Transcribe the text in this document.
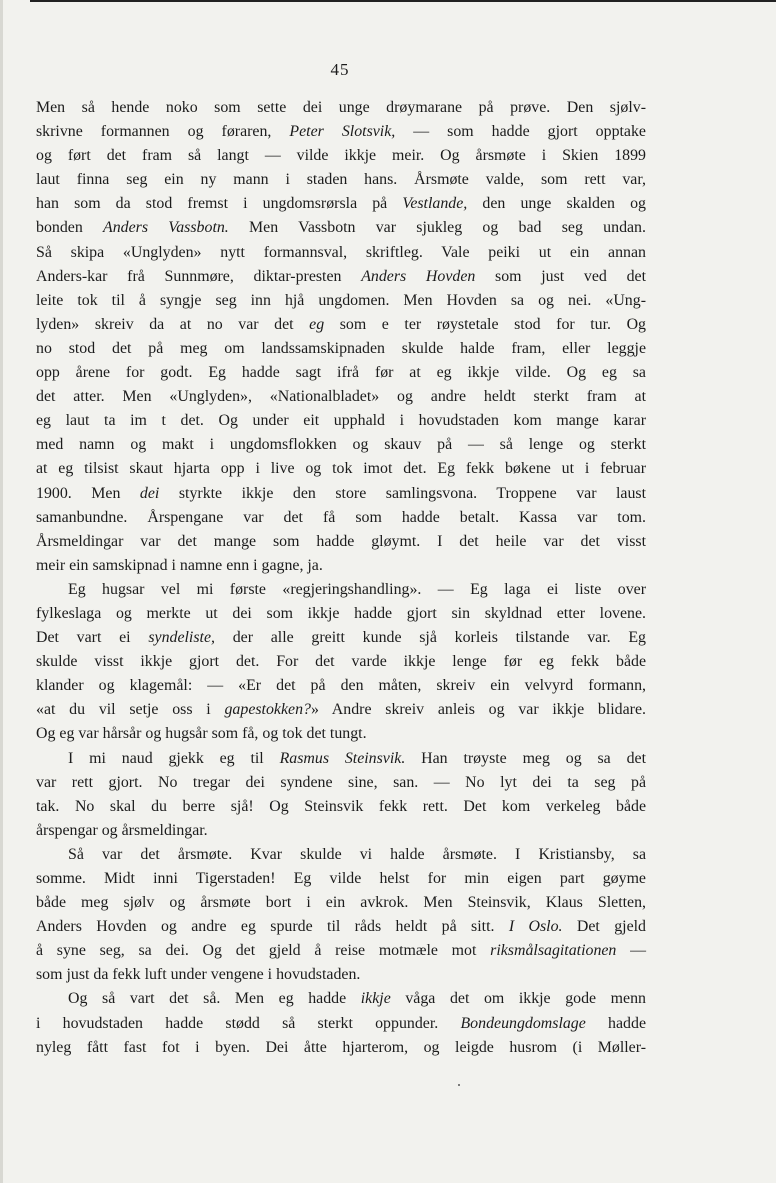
45

Men så hende noko som sette dei unge drøymarane på prøve. Den sjølv-

skrivne formannen og føraren, Peter Slotsvik, — som hadde gjort opptake

og ført det fram så langt — vilde ikkje meir. Og årsmøte i Skien 1899

laut finna seg ein ny mann i staden hans. Årsmøte valde, som rett var,

han som da stod fremst i ungdomsrørsla på Vestlande, den unge skalden og

bonden Anders Vassbotn. Men Vassbotn var sjukleg og bad seg undan.

Så skipa «Unglyden» nytt formannsval, skriftleg. Vale peiki ut ein annan

Anders-kar frå Sunnmøre, diktar-presten Anders Hovden som just ved det

leite tok til å syngje seg inn hjå ungdomen. Men Hovden sa og nei. «Ung-

lyden» skreiv da at no var det eg som e ter røystetale stod for tur. Og

no stod det på meg om landssamskipnaden skulde halde fram, eller leggje

opp årene for godt. Eg hadde sagt ifrå før at eg ikkje vilde. Og eg sa

det atter. Men «Unglyden», «Nationalbladet» og andre heldt sterkt fram at

eg laut ta im t det. Og under eit upphald i hovudstaden kom mange karar

med namn og makt i ungdomsflokken og skauv på — så lenge og sterkt

at eg tilsist skaut hjarta opp i live og tok imot det. Eg fekk bøkene ut i februar

1900. Men dei styrkte ikkje den store samlingsvona. Troppene var laust

samanbundne. Årspengane var det få som hadde betalt. Kassa var tom.

Årsmeldingar var det mange som hadde gløymt. I det heile var det visst

meir ein samskipnad i namne enn i gagne, ja.

Eg hugsar vel mi første «regjeringshandling». — Eg laga ei liste over

fylkeslaga og merkte ut dei som ikkje hadde gjort sin skyldnad etter lovene.

Det vart ei syndeliste, der alle greitt kunde sjå korleis tilstande var. Eg

skulde visst ikkje gjort det. For det varde ikkje lenge før eg fekk både

klander og klagemål: — «Er det på den måten, skreiv ein velvyrd formann,

«at du vil setje oss i gapestokken?» Andre skreiv anleis og var ikkje blidare.

Og eg var hårsår og hugsår som få, og tok det tungt.

I mi naud gjekk eg til Rasmus Steinsvik. Han trøyste meg og sa det

var rett gjort. No tregar dei syndene sine, san. — No lyt dei ta seg på

tak. No skal du berre sjå! Og Steinsvik fekk rett. Det kom verkeleg både

årspengar og årsmeldingar.

Så var det årsmøte. Kvar skulde vi halde årsmøte. I Kristiansby, sa

somme. Midt inni Tigerstaden! Eg vilde helst for min eigen part gøyme

både meg sjølv og årsmøte bort i ein avkrok. Men Steinsvik, Klaus Sletten,

Anders Hovden og andre eg spurde til råds heldt på sitt. I Oslo. Det gjeld

å syne seg, sa dei. Og det gjeld å reise motmæle mot riksmålsagitationen —

som just da fekk luft under vengene i hovudstaden.

Og så vart det så. Men eg hadde ikkje våga det om ikkje gode menn

i hovudstaden hadde stødd så sterkt oppunder. Bondeungdomslage hadde

nyleg fått fast fot i byen. Dei åtte hjarterom, og leigde husrom (i Møller-
